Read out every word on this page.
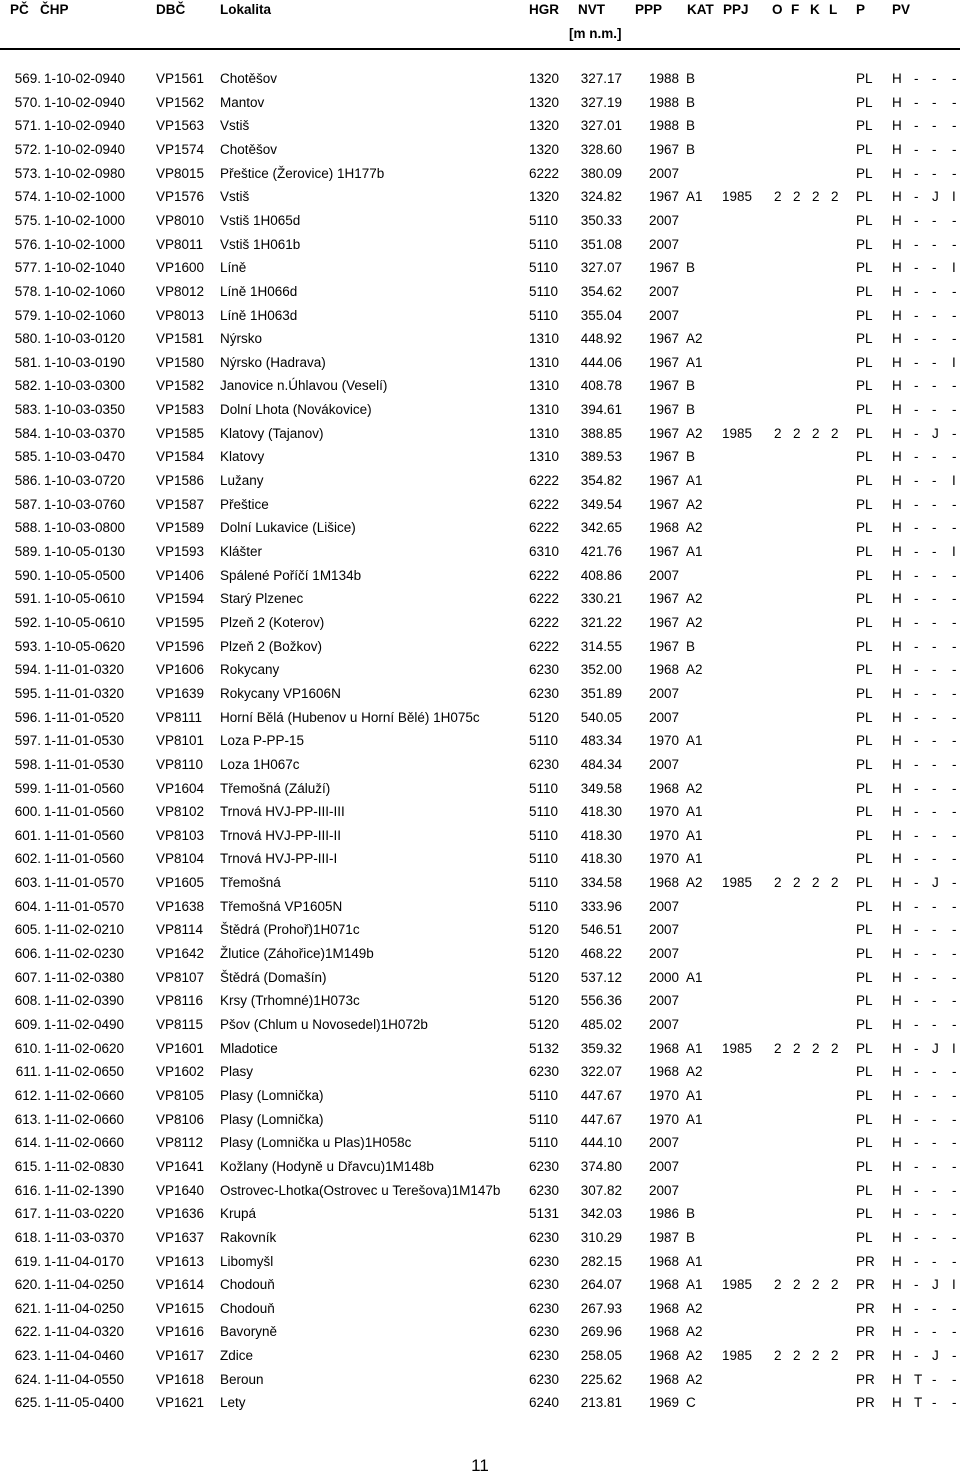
PČ ČHP	DBČ	Lokalita	HGR NVT
[m n.m.]
PPP KAT PPJ O F K L P PV
569. 1-10-02-0940 VP1561 Chotěšov	1320	327.17 1988 B	PL H - - -
570. 1-10-02-0940 VP1562 Mantov	1320	327.19 1988 B	PL H - - -
571. 1-10-02-0940 VP1563 Vstiš	1320	327.01 1988 B	PL H - - -
572. 1-10-02-0940 VP1574 Chotěšov	1320	328.60 1967 B	PL H - - -
573. 1-10-02-0980 VP8015 Přeštice (Žerovice) 1H177b	6222	380.09 2007	PL H - - -
574. 1-10-02-1000 VP1576 Vstiš	1320	324.82 1967 A1 1985 2 2 2 2 PL H - J I
575. 1-10-02-1000 VP8010 Vstiš 1H065d	5110	350.33 2007	PL H - - -
576. 1-10-02-1000 VP8011 Vstiš 1H061b	5110	351.08 2007	PL H - - -
577. 1-10-02-1040 VP1600 Líně	5110	327.07 1967 B	PL H - - I
578. 1-10-02-1060 VP8012 Líně 1H066d	5110	354.62 2007	PL H - - -
579. 1-10-02-1060 VP8013 Líně 1H063d	5110	355.04 2007	PL H - - -
580. 1-10-03-0120 VP1581 Nýrsko	1310	448.92 1967 A2	PL H - - -
581. 1-10-03-0190 VP1580 Nýrsko (Hadrava)	1310	444.06 1967 A1	PL H - - I
582. 1-10-03-0300 VP1582 Janovice n.Úhlavou (Veselí)	1310	408.78 1967 B	PL H - - -
583. 1-10-03-0350 VP1583 Dolní Lhota (Novákovice)	1310	394.61 1967 B	PL H - - -
584. 1-10-03-0370 VP1585 Klatovy (Tajanov)	1310	388.85 1967 A2 1985 2 2 2 2 PL H - J -
585. 1-10-03-0470 VP1584 Klatovy	1310	389.53 1967 B	PL H - - -
586. 1-10-03-0720 VP1586 Lužany	6222	354.82 1967 A1	PL H - - I
587. 1-10-03-0760 VP1587 Přeštice	6222	349.54 1967 A2	PL H - - -
588. 1-10-03-0800 VP1589 Dolní Lukavice (Lišice)	6222	342.65 1968 A2	PL H - - -
589. 1-10-05-0130 VP1593 Klášter	6310	421.76 1967 A1	PL H - - I
590. 1-10-05-0500 VP1406 Spálené Poříčí 1M134b	6222	408.86 2007	PL H - - -
591. 1-10-05-0610 VP1594 Starý Plzenec	6222	330.21 1967 A2	PL H - - -
592. 1-10-05-0610 VP1595 Plzeň 2 (Koterov)	6222	321.22 1967 A2	PL H - - -
593. 1-10-05-0620 VP1596 Plzeň 2 (Božkov)	6222	314.55 1967 B	PL H - - -
594. 1-11-01-0320 VP1606 Rokycany	6230	352.00 1968 A2	PL H - - -
595. 1-11-01-0320 VP1639 Rokycany VP1606N	6230	351.89 2007	PL H - - -
596. 1-11-01-0520 VP8111 Horní Bělá (Hubenov u Horní Bělé) 1H075c	5120	540.05 2007	PL H - - -
597. 1-11-01-0530 VP8101 Loza P-PP-15	5110	483.34 1970 A1	PL H - - -
598. 1-11-01-0530 VP8110 Loza 1H067c	6230	484.34 2007	PL H - - -
599. 1-11-01-0560 VP1604 Třemošná (Záluží)	5110	349.58 1968 A2	PL H - - -
600. 1-11-01-0560 VP8102 Trnová HVJ-PP-III-III	5110	418.30 1970 A1	PL H - - -
601. 1-11-01-0560 VP8103 Trnová HVJ-PP-III-II	5110	418.30 1970 A1	PL H - - -
602. 1-11-01-0560 VP8104 Trnová HVJ-PP-III-I	5110	418.30 1970 A1	PL H - - -
603. 1-11-01-0570 VP1605 Třemošná	5110	334.58 1968 A2 1985 2 2 2 2 PL H - J -
604. 1-11-01-0570 VP1638 Třemošná VP1605N	5110	333.96 2007	PL H - - -
605. 1-11-02-0210 VP8114 Štědrá (Prohoř)1H071c	5120	546.51 2007	PL H - - -
606. 1-11-02-0230 VP1642 Žlutice (Záhořice)1M149b	5120	468.22 2007	PL H - - -
607. 1-11-02-0380 VP8107 Štědrá (Domašín)	5120	537.12 2000 A1	PL H - - -
608. 1-11-02-0390 VP8116 Krsy (Trhomné)1H073c	5120	556.36 2007	PL H - - -
609. 1-11-02-0490 VP8115 Pšov (Chlum u Novosedel)1H072b	5120	485.02 2007	PL H - - -
610. 1-11-02-0620 VP1601 Mladotice	5132	359.32 1968 A1 1985 2 2 2 2 PL H - J I
611. 1-11-02-0650 VP1602 Plasy	6230	322.07 1968 A2	PL H - - -
612. 1-11-02-0660 VP8105 Plasy (Lomnička)	5110	447.67 1970 A1	PL H - - -
613. 1-11-02-0660 VP8106 Plasy (Lomnička)	5110	447.67 1970 A1	PL H - - -
614. 1-11-02-0660 VP8112 Plasy (Lomnička u Plas)1H058c	5110	444.10 2007	PL H - - -
615. 1-11-02-0830 VP1641 Kožlany (Hodyně u Dřavcu)1M148b	6230	374.80 2007	PL H - - -
616. 1-11-02-1390 VP1640 Ostrovec-Lhotka(Ostrovec u Terešova)1M147b 6230	307.82 2007	PL H - - -
617. 1-11-03-0220 VP1636 Krupá	5131	342.03 1986 B	PL H - - -
618. 1-11-03-0370 VP1637 Rakovník	6230	310.29 1987 B	PL H - - -
619. 1-11-04-0170 VP1613 Libomyšl	6230	282.15 1968 A1	PR H - - -
620. 1-11-04-0250 VP1614 Chodouň	6230	264.07 1968 A1 1985 2 2 2 2 PR H - J I
621. 1-11-04-0250 VP1615 Chodouň	6230	267.93 1968 A2	PR H - - -
622. 1-11-04-0320 VP1616 Bavoryně	6230	269.96 1968 A2	PR H - - -
623. 1-11-04-0460 VP1617 Zdice	6230	258.05 1968 A2 1985 2 2 2 2 PR H - J -
624. 1-11-04-0550 VP1618 Beroun	6230	225.62 1968 A2	PR H T - -
625. 1-11-05-0400 VP1621 Lety	6240	213.81 1969 C	PR H T - -
11
